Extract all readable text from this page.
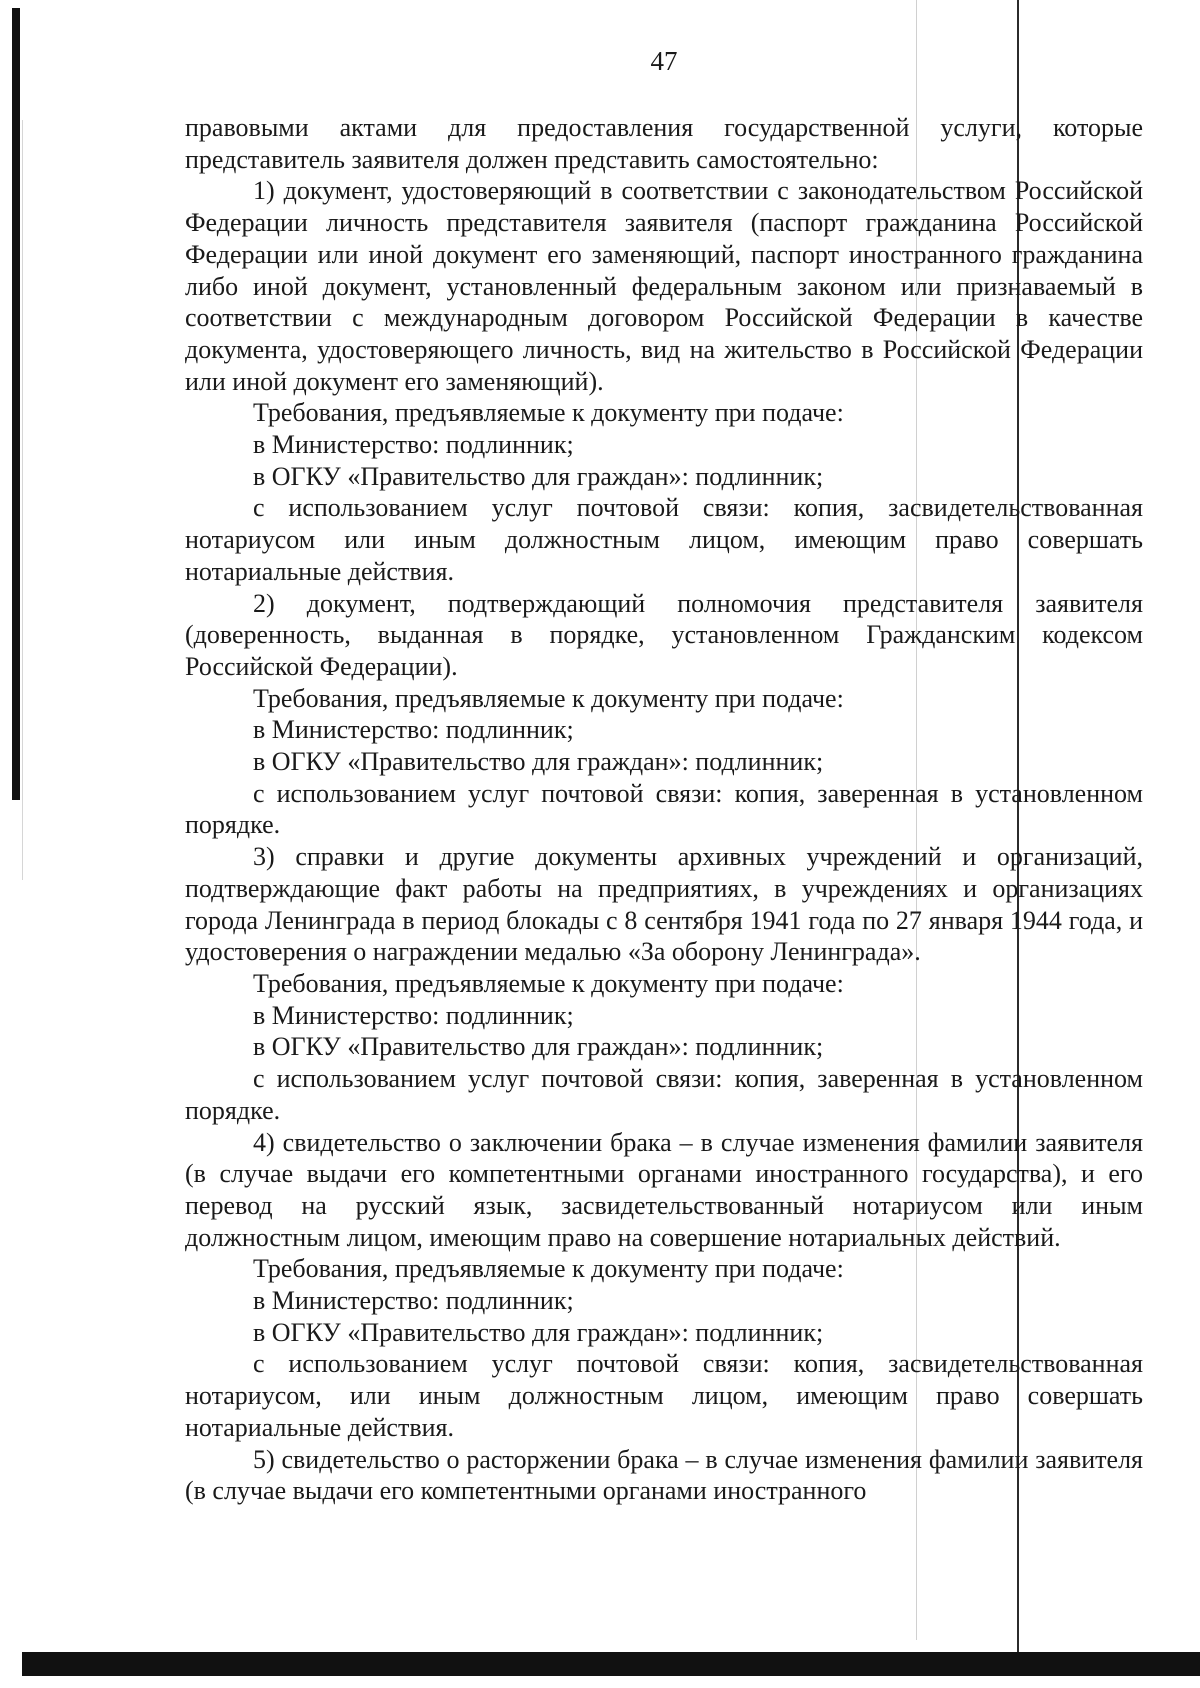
47

правовыми актами для предоставления государственной услуги, которые представитель заявителя должен представить самостоятельно:

1) документ, удостоверяющий в соответствии с законодательством Российской Федерации личность представителя заявителя (паспорт гражданина Российской Федерации или иной документ его заменяющий, паспорт иностранного гражданина либо иной документ, установленный федеральным законом или признаваемый в соответствии с международным договором Российской Федерации в качестве документа, удостоверяющего личность, вид на жительство в Российской Федерации или иной документ его заменяющий).

Требования, предъявляемые к документу при подаче:

в Министерство: подлинник;

в ОГКУ «Правительство для граждан»: подлинник;

с использованием услуг почтовой связи: копия, засвидетельствованная нотариусом или иным должностным лицом, имеющим право совершать нотариальные действия.

2) документ, подтверждающий полномочия представителя заявителя (доверенность, выданная в порядке, установленном Гражданским кодексом Российской Федерации).

Требования, предъявляемые к документу при подаче:

в Министерство: подлинник;

в ОГКУ «Правительство для граждан»: подлинник;

с использованием услуг почтовой связи: копия, заверенная в установленном порядке.

3) справки и другие документы архивных учреждений и организаций, подтверждающие факт работы на предприятиях, в учреждениях и организациях города Ленинграда в период блокады с 8 сентября 1941 года по 27 января 1944 года, и удостоверения о награждении медалью «За оборону Ленинграда».

Требования, предъявляемые к документу при подаче:

в Министерство: подлинник;

в ОГКУ «Правительство для граждан»: подлинник;

с использованием услуг почтовой связи: копия, заверенная в установленном порядке.

4) свидетельство о заключении брака – в случае изменения фамилии заявителя (в случае выдачи его компетентными органами иностранного государства), и его перевод на русский язык, засвидетельствованный нотариусом или иным должностным лицом, имеющим право на совершение нотариальных действий.

Требования, предъявляемые к документу при подаче:

в Министерство: подлинник;

в ОГКУ «Правительство для граждан»: подлинник;

с использованием услуг почтовой связи: копия, засвидетельствованная нотариусом, или иным должностным лицом, имеющим право совершать нотариальные действия.

5) свидетельство о расторжении брака – в случае изменения фамилии заявителя (в случае выдачи его компетентными органами иностранного
